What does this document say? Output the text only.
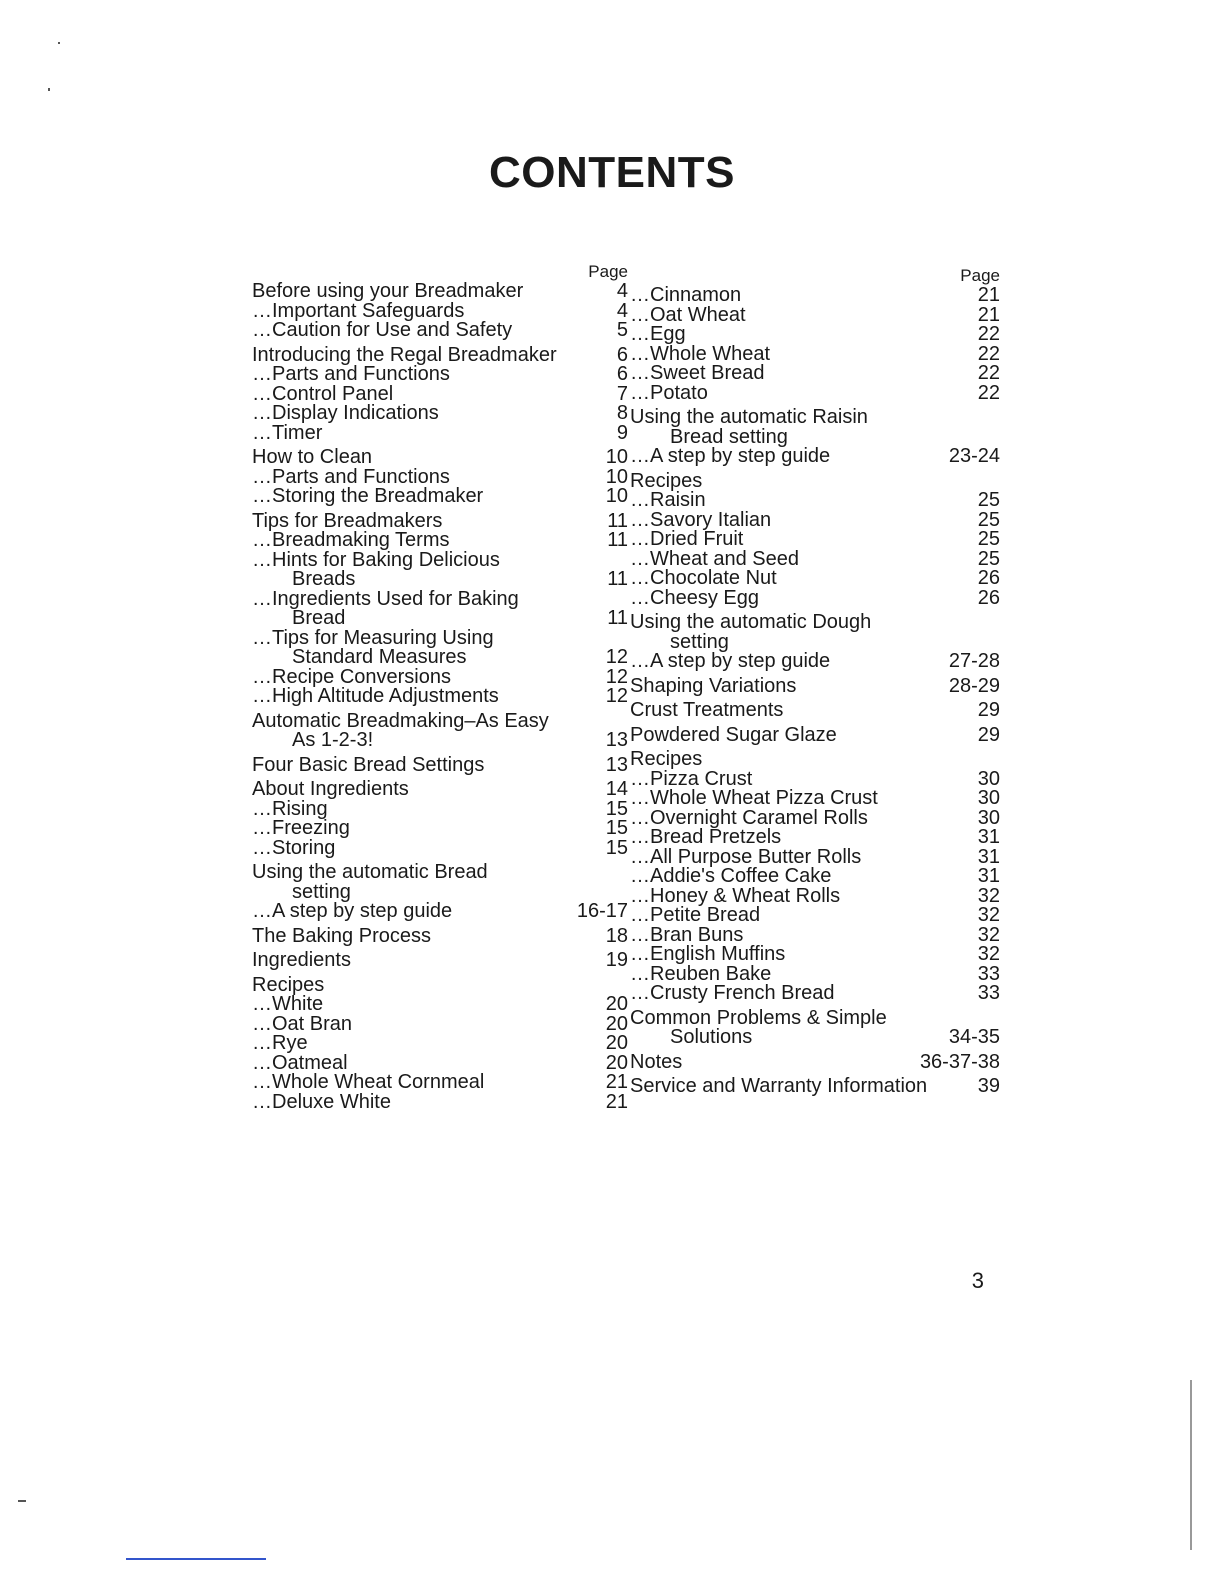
CONTENTS
Page
Before using your Breadmaker	4
… Important Safeguards	4
… Caution for Use and Safety	5
Introducing the Regal Breadmaker	6
… Parts and Functions	6
… Control Panel	7
… Display Indications	8
… Timer	9
How to Clean	10
… Parts and Functions	10
… Storing the Breadmaker	10
Tips for Breadmakers	11
… Breadmaking Terms	11
… Hints for Baking Delicious
Breads	11
… Ingredients Used for Baking
Bread	11
… Tips for Measuring Using
Standard Measures	12
… Recipe Conversions	12
… High Altitude Adjustments	12
Automatic Breadmaking–As Easy
As 1-2-3!	13
Four Basic Bread Settings	13
About Ingredients	14
… Rising	15
… Freezing	15
… Storing	15
Using the automatic Bread
setting
… A step by step guide	16-17
The Baking Process	18
Ingredients	19
Recipes
… White	20
… Oat Bran	20
… Rye	20
… Oatmeal	20
… Whole Wheat Cornmeal	21
… Deluxe White	21
Page
… Cinnamon	21
… Oat Wheat	21
… Egg	22
… Whole Wheat	22
… Sweet Bread	22
… Potato	22
Using the automatic Raisin
Bread setting
… A step by step guide	23-24
Recipes
… Raisin	25
… Savory Italian	25
… Dried Fruit	25
… Wheat and Seed	25
… Chocolate Nut	26
… Cheesy Egg	26
Using the automatic Dough
setting
… A step by step guide	27-28
Shaping Variations	28-29
Crust Treatments	29
Powdered Sugar Glaze	29
Recipes
… Pizza Crust	30
… Whole Wheat Pizza Crust	30
… Overnight Caramel Rolls	30
… Bread Pretzels	31
… All Purpose Butter Rolls	31
… Addie's Coffee Cake	31
… Honey & Wheat Rolls	32
… Petite Bread	32
… Bran Buns	32
… English Muffins	32
… Reuben Bake	33
… Crusty French Bread	33
Common Problems & Simple
Solutions	34-35
Notes	36-37-38
Service and Warranty Information	39
3
